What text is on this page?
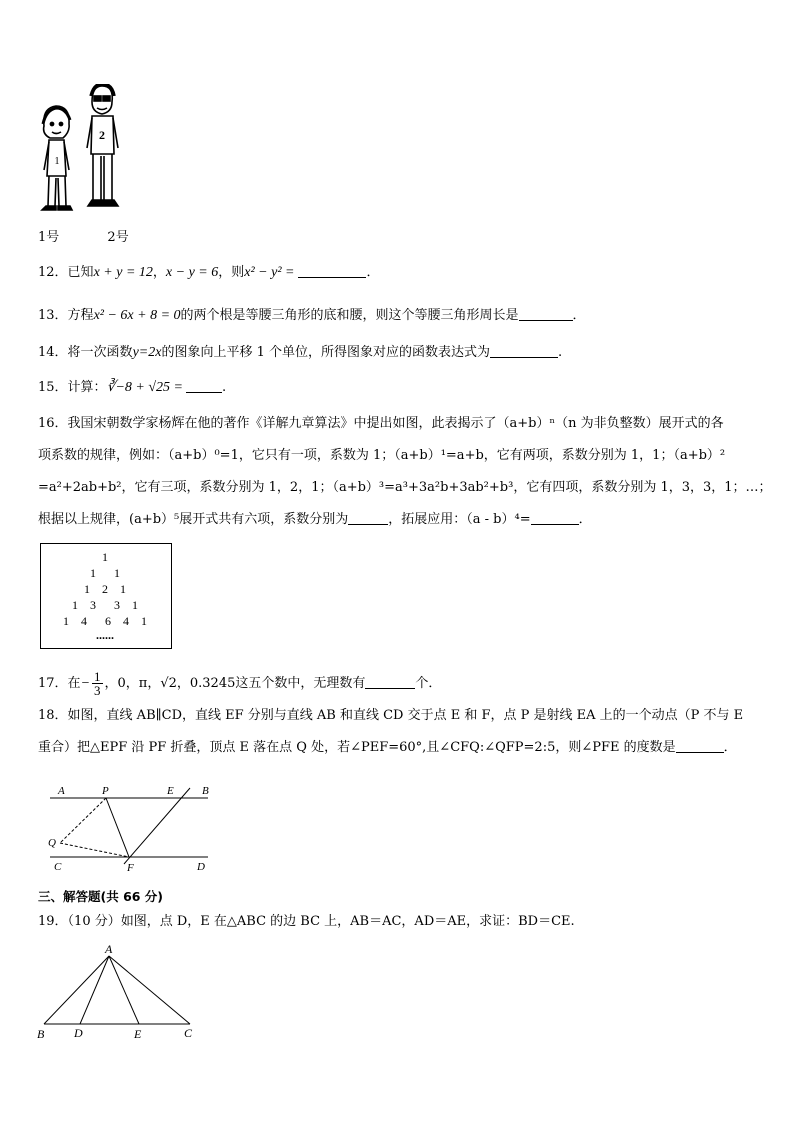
1
2
1号	2号
12．已知x + y = 12，x − y = 6，则x² − y² =	．
13．方程x² − 6x + 8 = 0的两个根是等腰三角形的底和腰，则这个等腰三角形周长是	．
14．将一次函数y=2x的图象向上平移 1 个单位，所得图象对应的函数表达式为	.
15．计算：∛−8 + √25 =	.
16．我国宋朝数学家杨辉在他的著作《详解九章算法》中提出如图，此表揭示了（a+b）ⁿ（n 为非负整数）展开式的各
项系数的规律，例如：（a+b）⁰=1，它只有一项，系数为 1；（a+b）¹=a+b，它有两项，系数分别为 1，1；（a+b）²
=a²+2ab+b²，它有三项，系数分别为 1，2，1；（a+b）³=a³+3a²b+3ab²+b³，它有四项，系数分别为 1，3，3，1；…；
根据以上规律，(a+b）⁵展开式共有六项，系数分别为	，拓展应用：（a - b）⁴=	．
1
1      1
1    2    1
1    3      3    1
1    4      6    4    1
......
17．在− $\frac{1}{3}$ ，0，π，√2，0.3245这五个数中，无理数有	个．
18．如图，直线 AB∥CD，直线 EF 分别与直线 AB 和直线 CD 交于点 E 和 F，点 P 是射线 EA 上的一个动点（P 不与 E
重合）把△EPF 沿 PF 折叠，顶点 E 落在点 Q 处，若∠PEF=60°,且∠CFQ:∠QFP=2:5，则∠PFE 的度数是	．
A	P	E	B
Q
C	F	D
三、解答题(共 66 分)
19．（10 分）如图，点 D，E 在△ABC 的边 BC 上，AB＝AC，AD＝AE，求证：BD＝CE.
A
B D	E	C
